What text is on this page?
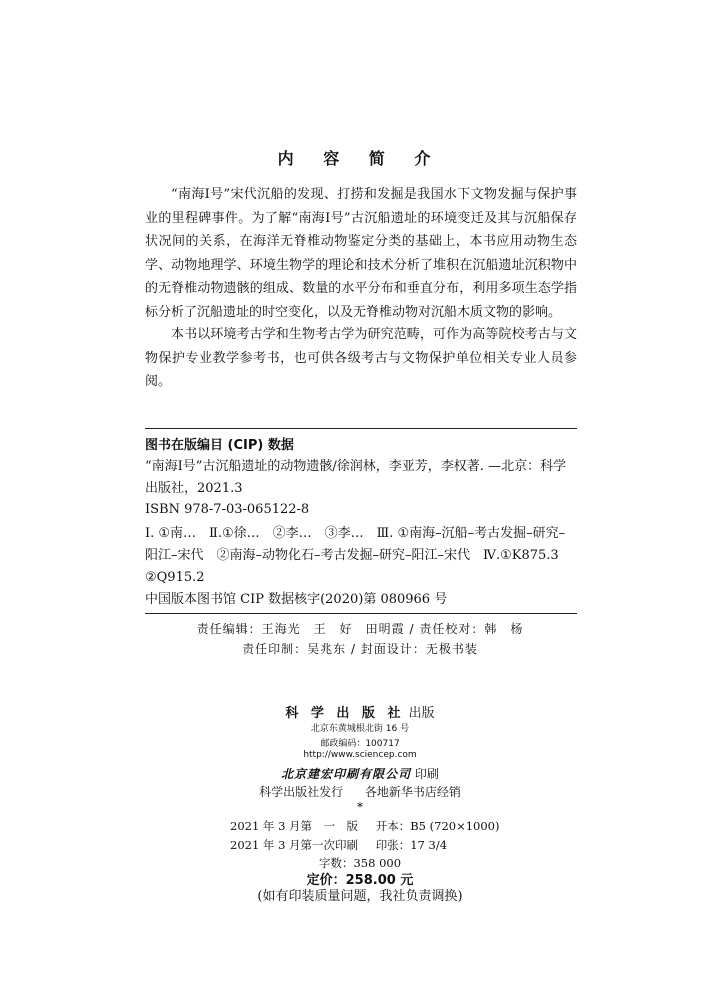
内 容 简 介

“南海Ⅰ号”宋代沉船的发现、打捞和发掘是我国水下文物发掘与保护事业的里程碑事件。为了解“南海Ⅰ号”古沉船遗址的环境变迁及其与沉船保存状况间的关系，在海洋无脊椎动物鉴定分类的基础上，本书应用动物生态学、动物地理学、环境生物学的理论和技术分析了堆积在沉船遗址沉积物中的无脊椎动物遗骸的组成、数量的水平分布和垂直分布，利用多项生态学指标分析了沉船遗址的时空变化，以及无脊椎动物对沉船木质文物的影响。

本书以环境考古学和生物考古学为研究范畴，可作为高等院校考古与文物保护专业教学参考书，也可供各级考古与文物保护单位相关专业人员参阅。

图书在版编目 (CIP) 数据

“南海Ⅰ号”古沉船遗址的动物遗骸/徐润林，李亚芳，李权著. —北京：科学出版社，2021.3

ISBN 978-7-03-065122-8

Ⅰ. ①南…　Ⅱ.①徐…　②李…　③李…　Ⅲ. ①南海–沉船–考古发掘–研究–阳江–宋代　②南海–动物化石–考古发掘–研究–阳江–宋代　Ⅳ.①K875.3 ②Q915.2

中国版本图书馆 CIP 数据核字(2020)第 080966 号
责任编辑：王海光　王　好　田明霞 / 责任校对：韩　杨
责任印制：吴兆东 / 封面设计：无极书装
科 学 出 版 社 出版
北京东黄城根北街 16 号
邮政编码：100717
http://www.sciencep.com
北京建宏印刷有限公司 印刷
科学出版社发行 各地新华书店经销
*
2021 年 3 月第　一　版 开本：B5 (720×1000)
2021 年 3 月第一次印刷 印张：17 3/4
字数：358 000
定价：258.00 元
(如有印装质量问题，我社负责调换)
